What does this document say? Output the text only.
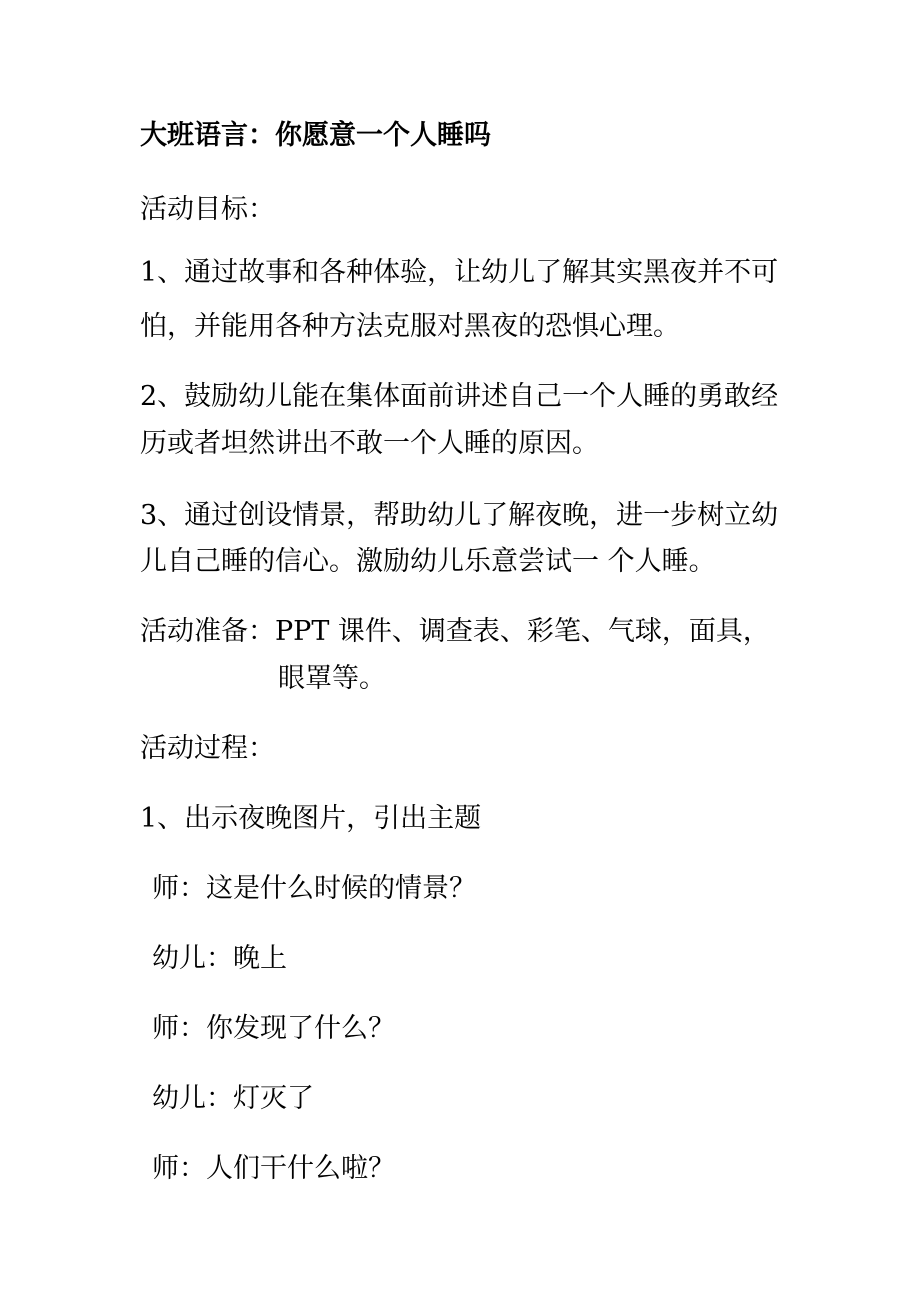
大班语言：你愿意一个人睡吗
活动目标：
1、通过故事和各种体验，让幼儿了解其实黑夜并不可
怕，并能用各种方法克服对黑夜的恐惧心理。
2、鼓励幼儿能在集体面前讲述自己一个人睡的勇敢经
历或者坦然讲出不敢一个人睡的原因。
3、通过创设情景，帮助幼儿了解夜晚，进一步树立幼
儿自己睡的信心。激励幼儿乐意尝试一 个人睡。
活动准备：PPT 课件、调查表、彩笔、气球，面具，
眼罩等。
活动过程：
1、出示夜晚图片，引出主题
师：这是什么时候的情景？
幼儿：晚上
师：你发现了什么？
幼儿：灯灭了
师：人们干什么啦？
